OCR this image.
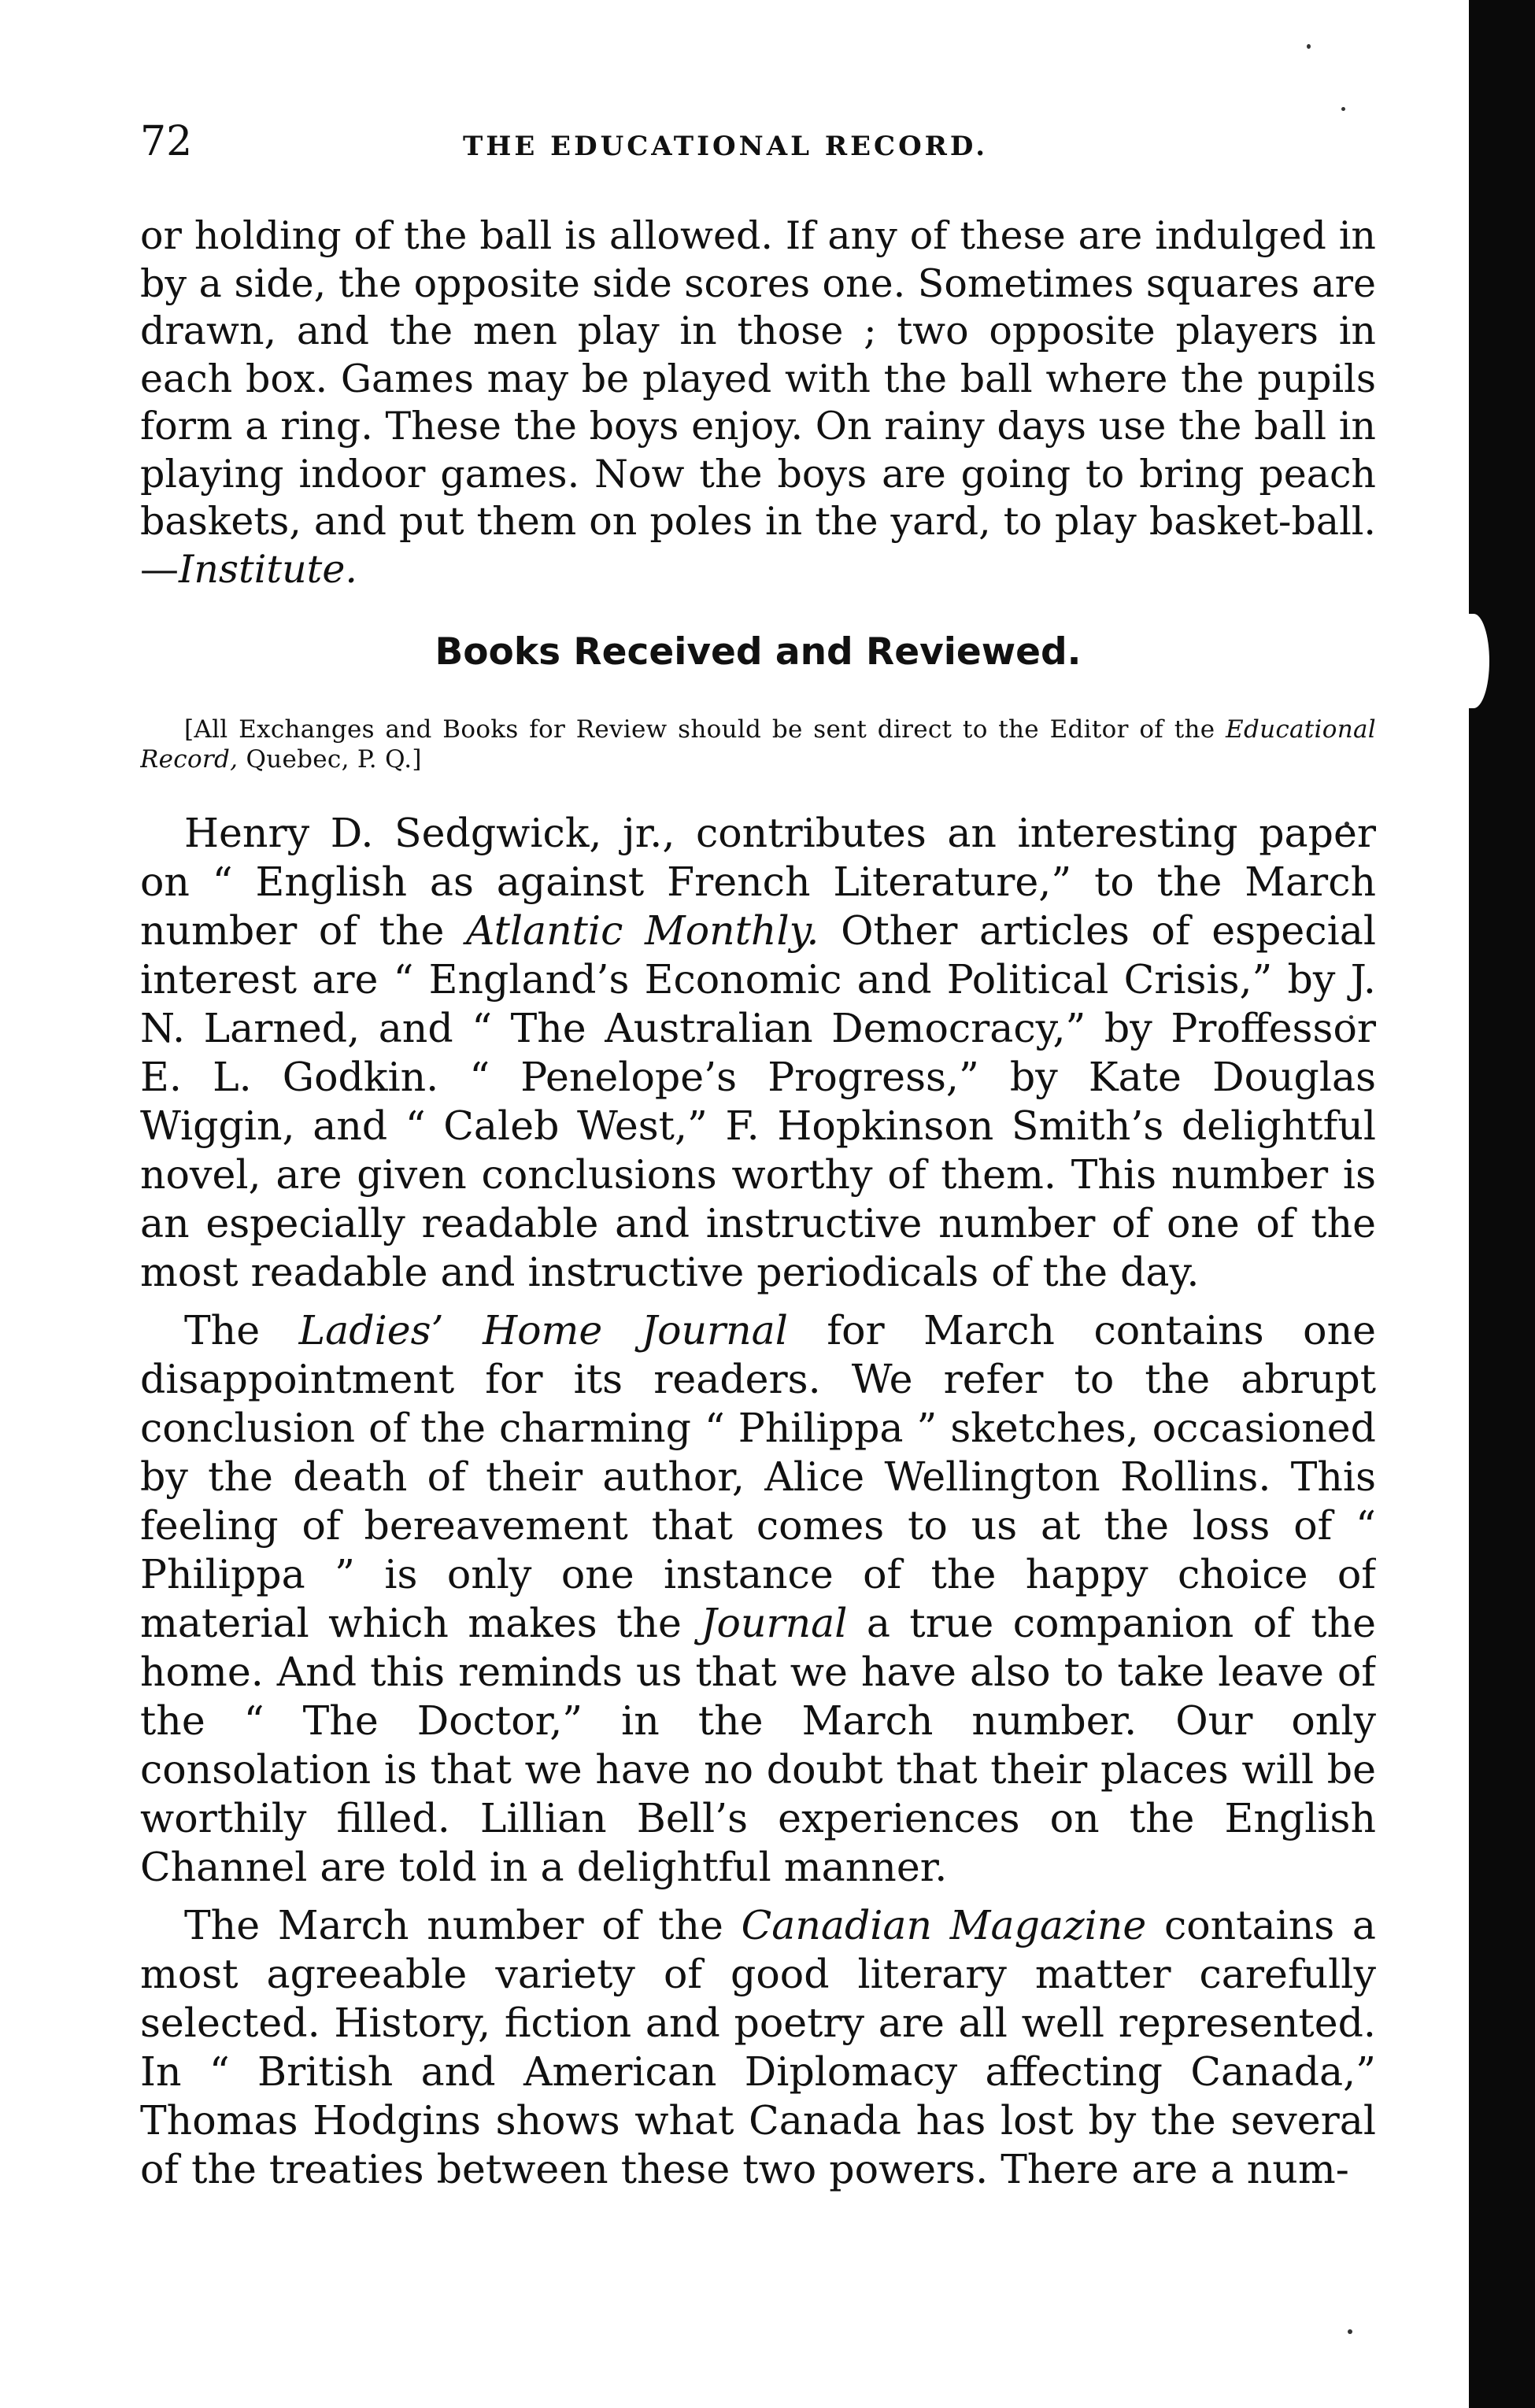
72	THE EDUCATIONAL RECORD.

or holding of the ball is allowed. If any of these are indulged in by a side, the opposite side scores one. Sometimes squares are drawn, and the men play in those ; two opposite players in each box. Games may be played with the ball where the pupils form a ring. These the boys enjoy. On rainy days use the ball in playing indoor games. Now the boys are going to bring peach baskets, and put them on poles in the yard, to play basket-ball.—Institute.

Books Received and Reviewed.

[All Exchanges and Books for Review should be sent direct to the Editor of the Educational Record, Quebec, P. Q.]

Henry D. Sedgwick, jr., contributes an interesting paper on “ English as against French Literature,” to the March number of the Atlantic Monthly. Other articles of especial interest are “ England’s Economic and Political Crisis,” by J. N. Larned, and “ The Australian Democracy,” by Proffessor E. L. Godkin. “ Penelope’s Progress,” by Kate Douglas Wiggin, and “ Caleb West,” F. Hopkinson Smith’s delightful novel, are given conclusions worthy of them. This number is an especially readable and instructive number of one of the most readable and instructive periodicals of the day.

The Ladies’ Home Journal for March contains one disappointment for its readers. We refer to the abrupt conclusion of the charming “ Philippa ” sketches, occasioned by the death of their author, Alice Wellington Rollins. This feeling of bereavement that comes to us at the loss of “ Philippa ” is only one instance of the happy choice of material which makes the Journal a true companion of the home. And this reminds us that we have also to take leave of the “ The Doctor,” in the March number. Our only consolation is that we have no doubt that their places will be worthily filled. Lillian Bell’s experiences on the English Channel are told in a delightful manner.

The March number of the Canadian Magazine contains a most agreeable variety of good literary matter carefully selected. History, fiction and poetry are all well represented. In “ British and American Diplomacy affecting Canada,” Thomas Hodgins shows what Canada has lost by the several of the treaties between these two powers. There are a num-
